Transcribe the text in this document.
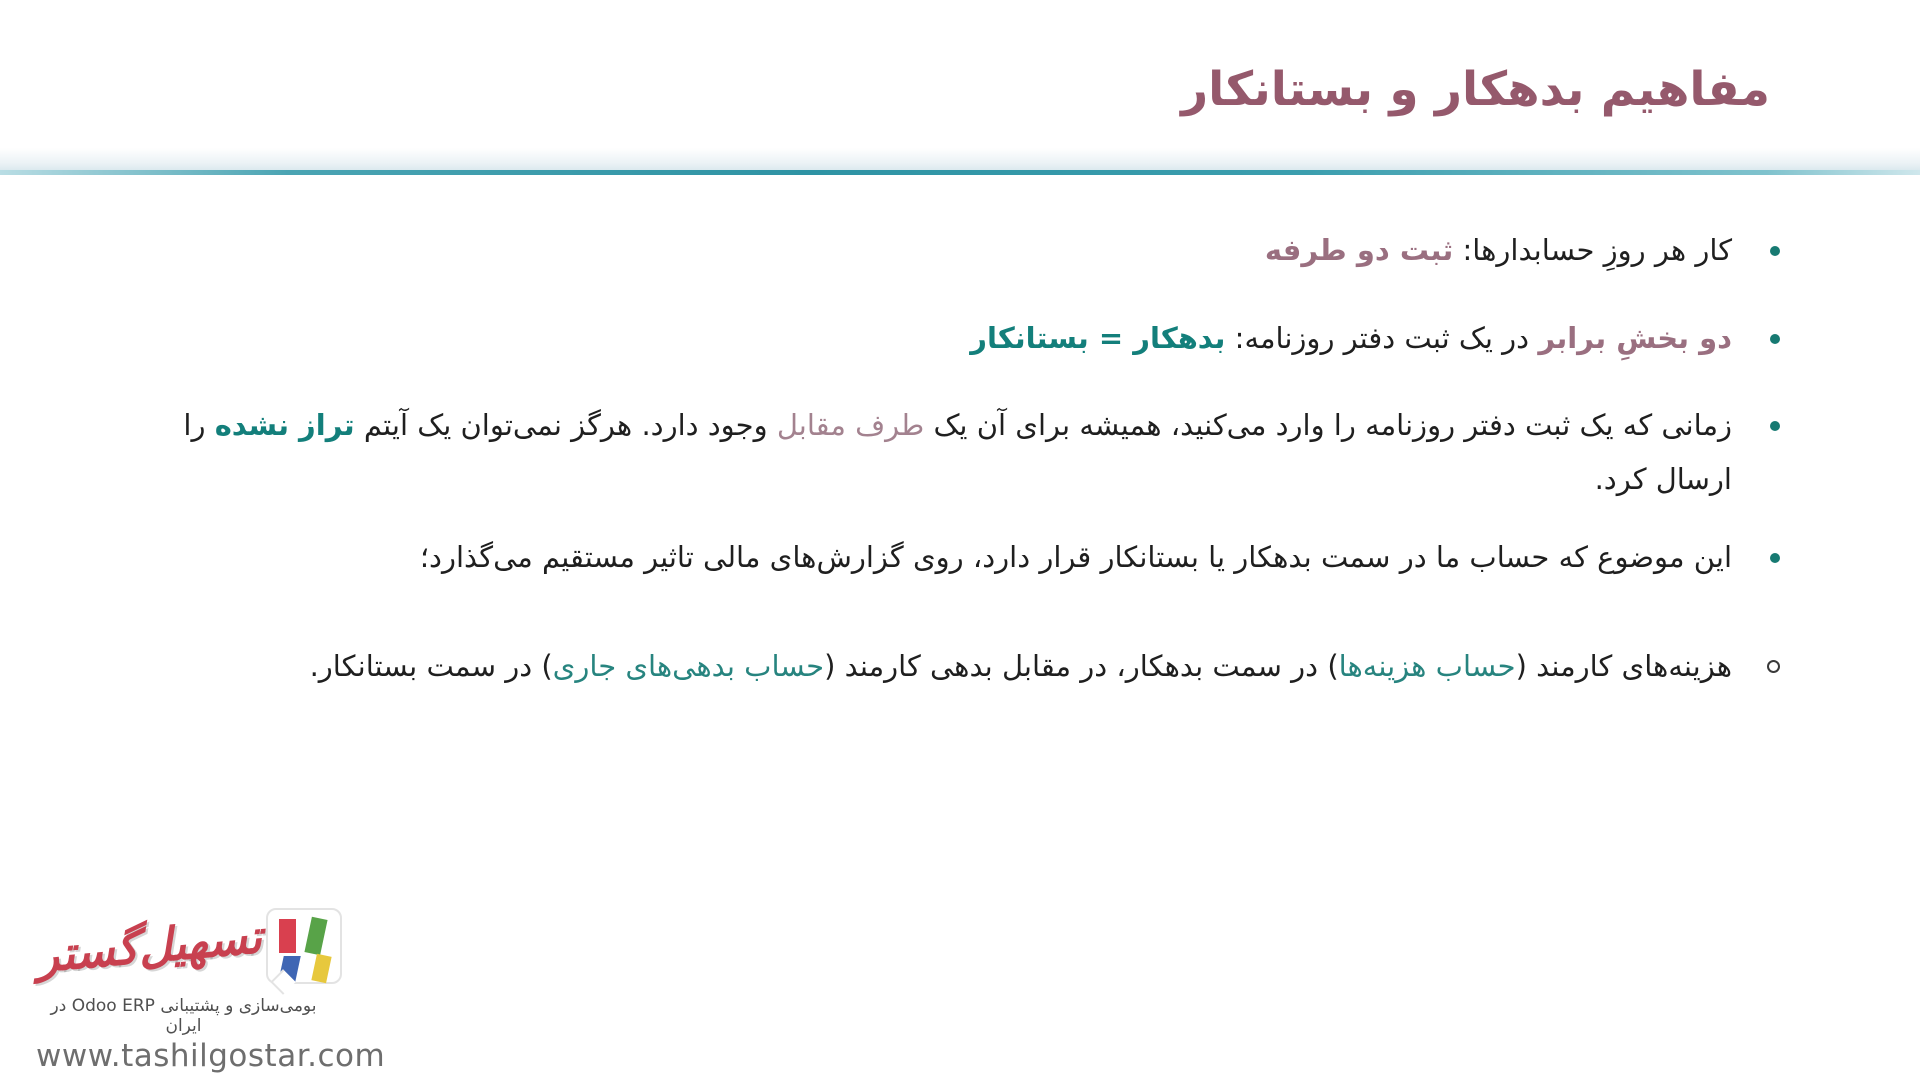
مفاهیم بدهکار و بستانکار
کار هر روزِ حسابدارها: ثبت دو طرفه
دو بخشِ برابر در یک ثبت دفتر روزنامه: بدهکار = بستانکار
زمانی که یک ثبت دفتر روزنامه را وارد می‌کنید، همیشه برای آن یک طرف مقابل وجود دارد. هرگز نمی‌توان یک آیتم تراز نشده را ارسال کرد.
این موضوع که حساب ما در سمت بدهکار یا بستانکار قرار دارد، روی گزارش‌های مالی تاثیر مستقیم می‌گذارد؛
هزینه‌های کارمند (حساب هزینه‌ها) در سمت بدهکار، در مقابل بدهی کارمند (حساب بدهی‌های جاری) در سمت بستانکار.
تسهیل‌گستر
بومی‌سازی و پشتیبانی Odoo ERP در ایران
www.tashilgostar.com
